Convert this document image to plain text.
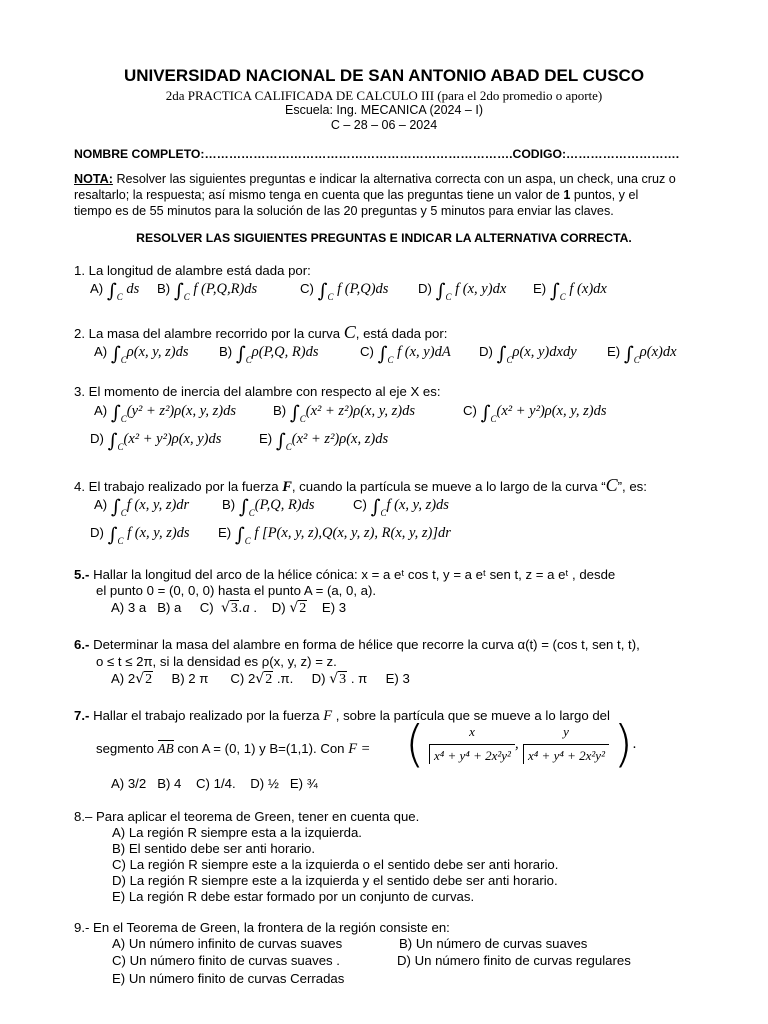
UNIVERSIDAD NACIONAL DE SAN ANTONIO ABAD DEL CUSCO
2da PRACTICA CALIFICADA DE CALCULO III (para el 2do promedio o aporte)
Escuela: Ing. MECANICA (2024 – I)
C – 28 – 06 – 2024
NOMBRE COMPLETO:………………………………………………………………….CODIGO:……………………….
NOTA: Resolver las siguientes preguntas e indicar la alternativa correcta con un aspa, un check, una cruz o
resaltarlo; la respuesta; así mismo tenga en cuenta que las preguntas tiene un valor de 1 puntos, y el
tiempo es de 55 minutos para la solución de las 20 preguntas y 5 minutos para enviar las claves.
RESOLVER LAS SIGUIENTES PREGUNTAS E INDICAR LA ALTERNATIVA CORRECTA.
1. La longitud de alambre está dada por:
A) $\int_C$ ds B) $\int_C$ f (P,Q,R)ds	C) $\int_C$ f (P,Q)ds D) $\int_C$ f (x, y)dx E) $\int_C$ f (x)dx
2. La masa del alambre recorrido por la curva C, está dada por:
A) $\int_C\rho(x$, y, z)ds B) $\int_C\rho(P,Q$, R)ds	C) $\int_C$ f (x, y)dA D) $\int_C\rho(x$, y)dxdy E) $\int_C\rho(x)dx$
3. El momento de inercia del alambre con respecto al eje X es:
A) $\int_C(y^2 + z^2)\rho(x$, y, z)ds	B) $\int_C(x^2 + z^2)\rho(x$, y, z)ds	C) $\int_C(x^2 + y^2)\rho(x$, y, z)ds
D) $\int_C(x^2 + y^2)\rho(x$, y)ds	E) $\int_C(x^2 + z^2)\rho(x$, z)ds
4. El trabajo realizado por la fuerza F, cuando la partícula se mueve a lo largo de la curva “C”, es:
A) $\int_Cf$ (x, y, z)dr B) $\int_C(P,Q$, R)ds	C) $\int_Cf$ (x, y, z)ds
D) $\int_C$ f (x, y, z)ds E) $\int_C$ f [P(x, y, z),Q(x, y, z), R(x, y, z)]dr
5.- Hallar la longitud del arco de la hélice cónica: x = a eᵗ cos t, y = a eᵗ sen t, z = a eᵗ , desde
el punto 0 = (0, 0, 0) hasta el punto A = (a, 0, a).
A) 3 a B) a C) √3.a . D) √2 E) 3
6.- Determinar la masa del alambre en forma de hélice que recorre la curva α(t) = (cos t, sen t, t),
o ≤ t ≤ 2π, si la densidad es ρ(x, y, z) = z.
A) 2√2 B) 2 π C) 2√2 .π. D) √3 . π E) 3
7.- Hallar el trabajo realizado por la fuerza F , sobre la partícula que se mueve a lo largo del
segmento AB con A = (0, 1) y B=(1,1). Con F = ( $\frac{x}{\text{x⁴ + y⁴ + 2x²y²}}$ , $\frac{y}{\text{x⁴ + y⁴ + 2x²y²}}$ ).
A) 3/2 B) 4 C) 1/4. D) ½ E) ¾
8.– Para aplicar el teorema de Green, tener en cuenta que.
A) La región R siempre esta a la izquierda.
B) El sentido debe ser anti horario.
C) La región R siempre este a la izquierda o el sentido debe ser anti horario.
D) La región R siempre este a la izquierda y el sentido debe ser anti horario.
E) La región R debe estar formado por un conjunto de curvas.
9.- En el Teorema de Green, la frontera de la región consiste en:
A) Un número infinito de curvas suaves	B) Un número de curvas suaves
C) Un número finito de curvas suaves .	D) Un número finito de curvas regulares
E) Un número finito de curvas Cerradas
